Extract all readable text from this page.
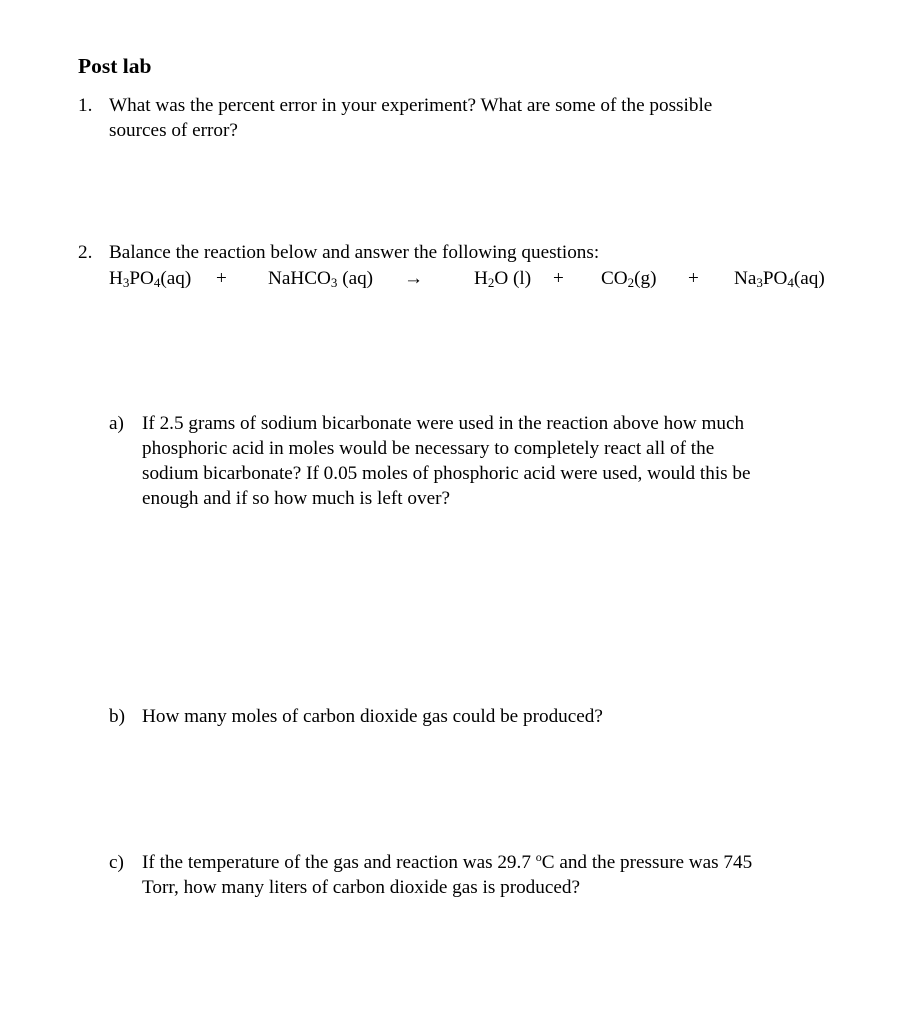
Post lab
1. What was the percent error in your experiment? What are some of the possible
sources of error?
2. Balance the reaction below and answer the following questions:
$H_3PO_4(aq)$ + NaHCO$_3$ (aq) →	$H_2O$ $(l) + CO_2(g) + Na_3PO_4(aq)$
a) If 2.5 grams of sodium bicarbonate were used in the reaction above how much
phosphoric acid in moles would be necessary to completely react all of the
sodium bicarbonate? If 0.05 moles of phosphoric acid were used, would this be
enough and if so how much is left over?
b) How many moles of carbon dioxide gas could be produced?
c) If the temperature of the gas and reaction was 29.7 $^o$C and the pressure was 745
Torr, how many liters of carbon dioxide gas is produced?
